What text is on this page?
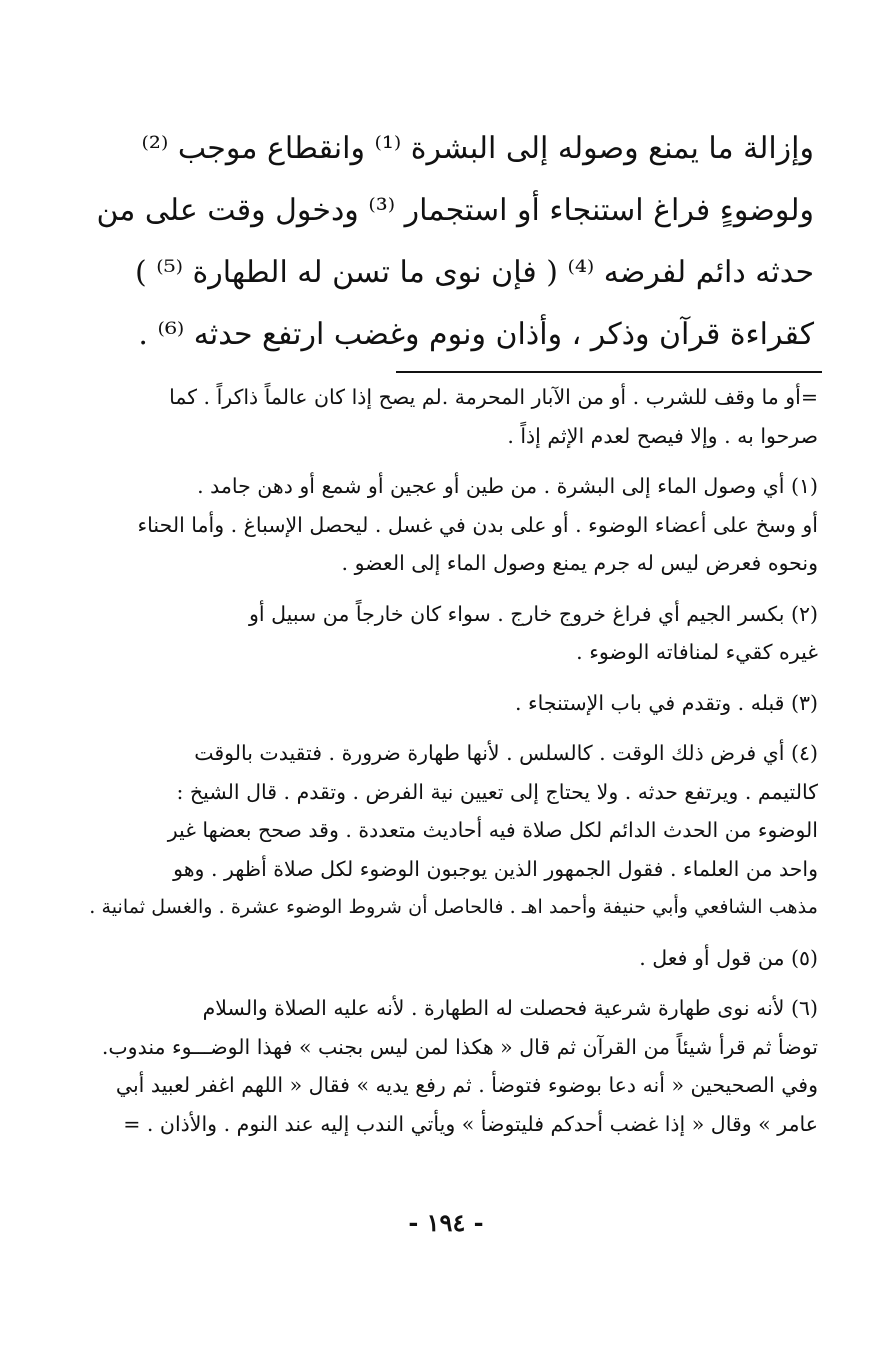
وإزالة ما يمنع وصوله إلى البشرة ⁽¹⁾ وانقطاع موجب ⁽²⁾
ولوضوءٍ فراغ استنجاء أو استجمار ⁽³⁾ ودخول وقت على من
حدثه دائم لفرضه ⁽⁴⁾ ( فإن نوى ما تسن له الطهارة ⁽⁵⁾ )
كقراءة قرآن وذكر ، وأذان ونوم وغضب ارتفع حدثه ⁽⁶⁾ .
=أو ما وقف للشرب . أو من الآبار المحرمة .لم يصح إذا كان عالماً ذاكراً . كما
صرحوا به . وإلا فيصح لعدم الإثم إذاً .
(١) أي وصول الماء إلى البشرة . من طين أو عجين أو شمع أو دهن جامد .
أو وسخ على أعضاء الوضوء . أو على بدن في غسل . ليحصل الإسباغ . وأما الحناء
ونحوه فعرض ليس له جرم يمنع وصول الماء إلى العضو .
(٢) بكسر الجيم أي فراغ خروج خارج . سواء كان خارجاً من سبيل أو
غيره كقيء لمنافاته الوضوء .
(٣) قبله . وتقدم في باب الإستنجاء .
(٤) أي فرض ذلك الوقت . كالسلس . لأنها طهارة ضرورة . فتقيدت بالوقت
كالتيمم . ويرتفع حدثه . ولا يحتاج إلى تعيين نية الفرض . وتقدم . قال الشيخ :
الوضوء من الحدث الدائم لكل صلاة فيه أحاديث متعددة . وقد صحح بعضها غير
واحد من العلماء . فقول الجمهور الذين يوجبون الوضوء لكل صلاة أظهر . وهو
مذهب الشافعي وأبي حنيفة وأحمد اهـ . فالحاصل أن شروط الوضوء عشرة . والغسل ثمانية .
(٥) من قول أو فعل .
(٦) لأنه نوى طهارة شرعية فحصلت له الطهارة . لأنه عليه الصلاة والسلام
توضأ ثم قرأ شيئاً من القرآن ثم قال « هكذا لمن ليس بجنب » فهذا الوضـــوء مندوب.
وفي الصحيحين « أنه دعا بوضوء فتوضأ . ثم رفع يديه » فقال « اللهم اغفر لعبيد أبي
عامر » وقال « إذا غضب أحدكم فليتوضأ » ويأتي الندب إليه عند النوم . والأذان . =
- ١٩٤ -
